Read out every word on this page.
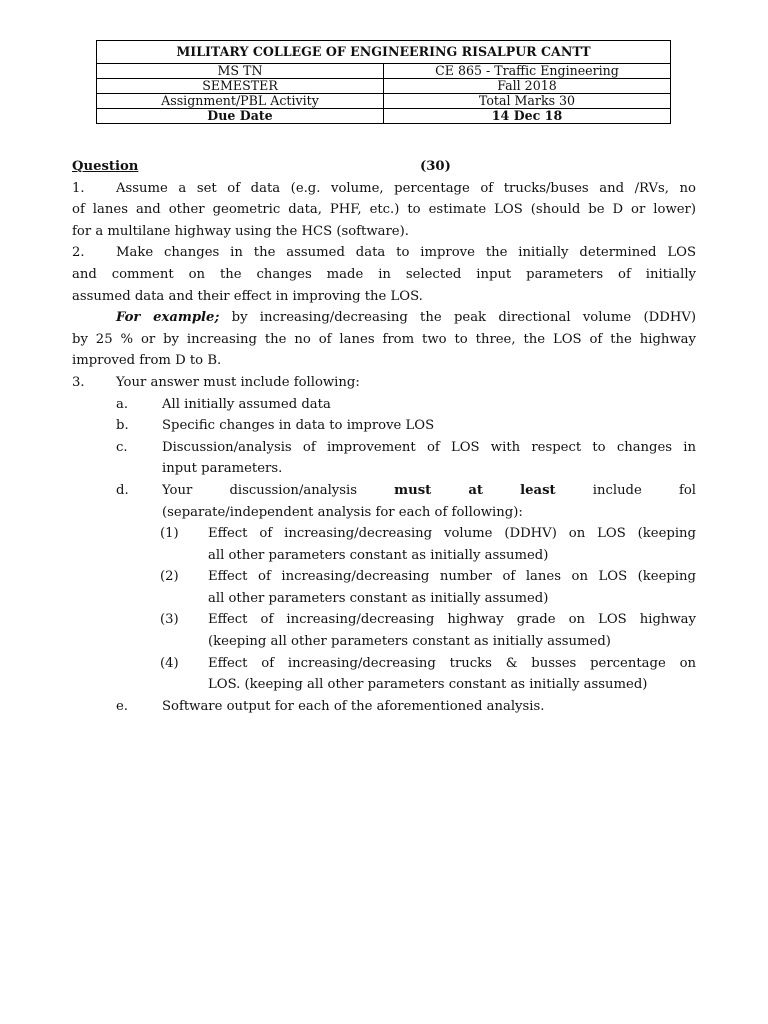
MILITARY COLLEGE OF ENGINEERING RISALPUR CANTT	
MS TN	CE 865 - Traffic Engineering
SEMESTER	Fall 2018
Assignment/PBL Activity	Total Marks 30
Due Date	14 Dec 18
Question	(30)
1. Assume a set of data (e.g. volume, percentage of trucks/buses and /RVs, no
of lanes and other geometric data, PHF, etc.) to estimate LOS (should be D or lower)
for a multilane highway using the HCS (software).
2. Make changes in the assumed data to improve the initially determined LOS
and comment on the changes made in selected input parameters of initially
assumed data and their effect in improving the LOS.
For example; by increasing/decreasing the peak directional volume (DDHV)
by 25 % or by increasing the no of lanes from two to three, the LOS of the highway
improved from D to B.
3. Your answer must include following:
a.	All initially assumed data
b.	Specific changes in data to improve LOS
c.	Discussion/analysis of improvement of LOS with respect to changes in
input parameters.
d.	Your	discussion/analysis	must	at	least	include	fol
(separate/independent analysis for each of following):
(1) Effect of increasing/decreasing volume (DDHV) on LOS (keeping
all other parameters constant as initially assumed)
(2) Effect of increasing/decreasing number of lanes on LOS (keeping
all other parameters constant as initially assumed)
(3) Effect of increasing/decreasing highway grade on LOS highway
(keeping all other parameters constant as initially assumed)
(4) Effect of increasing/decreasing trucks & busses percentage on
LOS. (keeping all other parameters constant as initially assumed)
e.	Software output for each of the aforementioned analysis.
